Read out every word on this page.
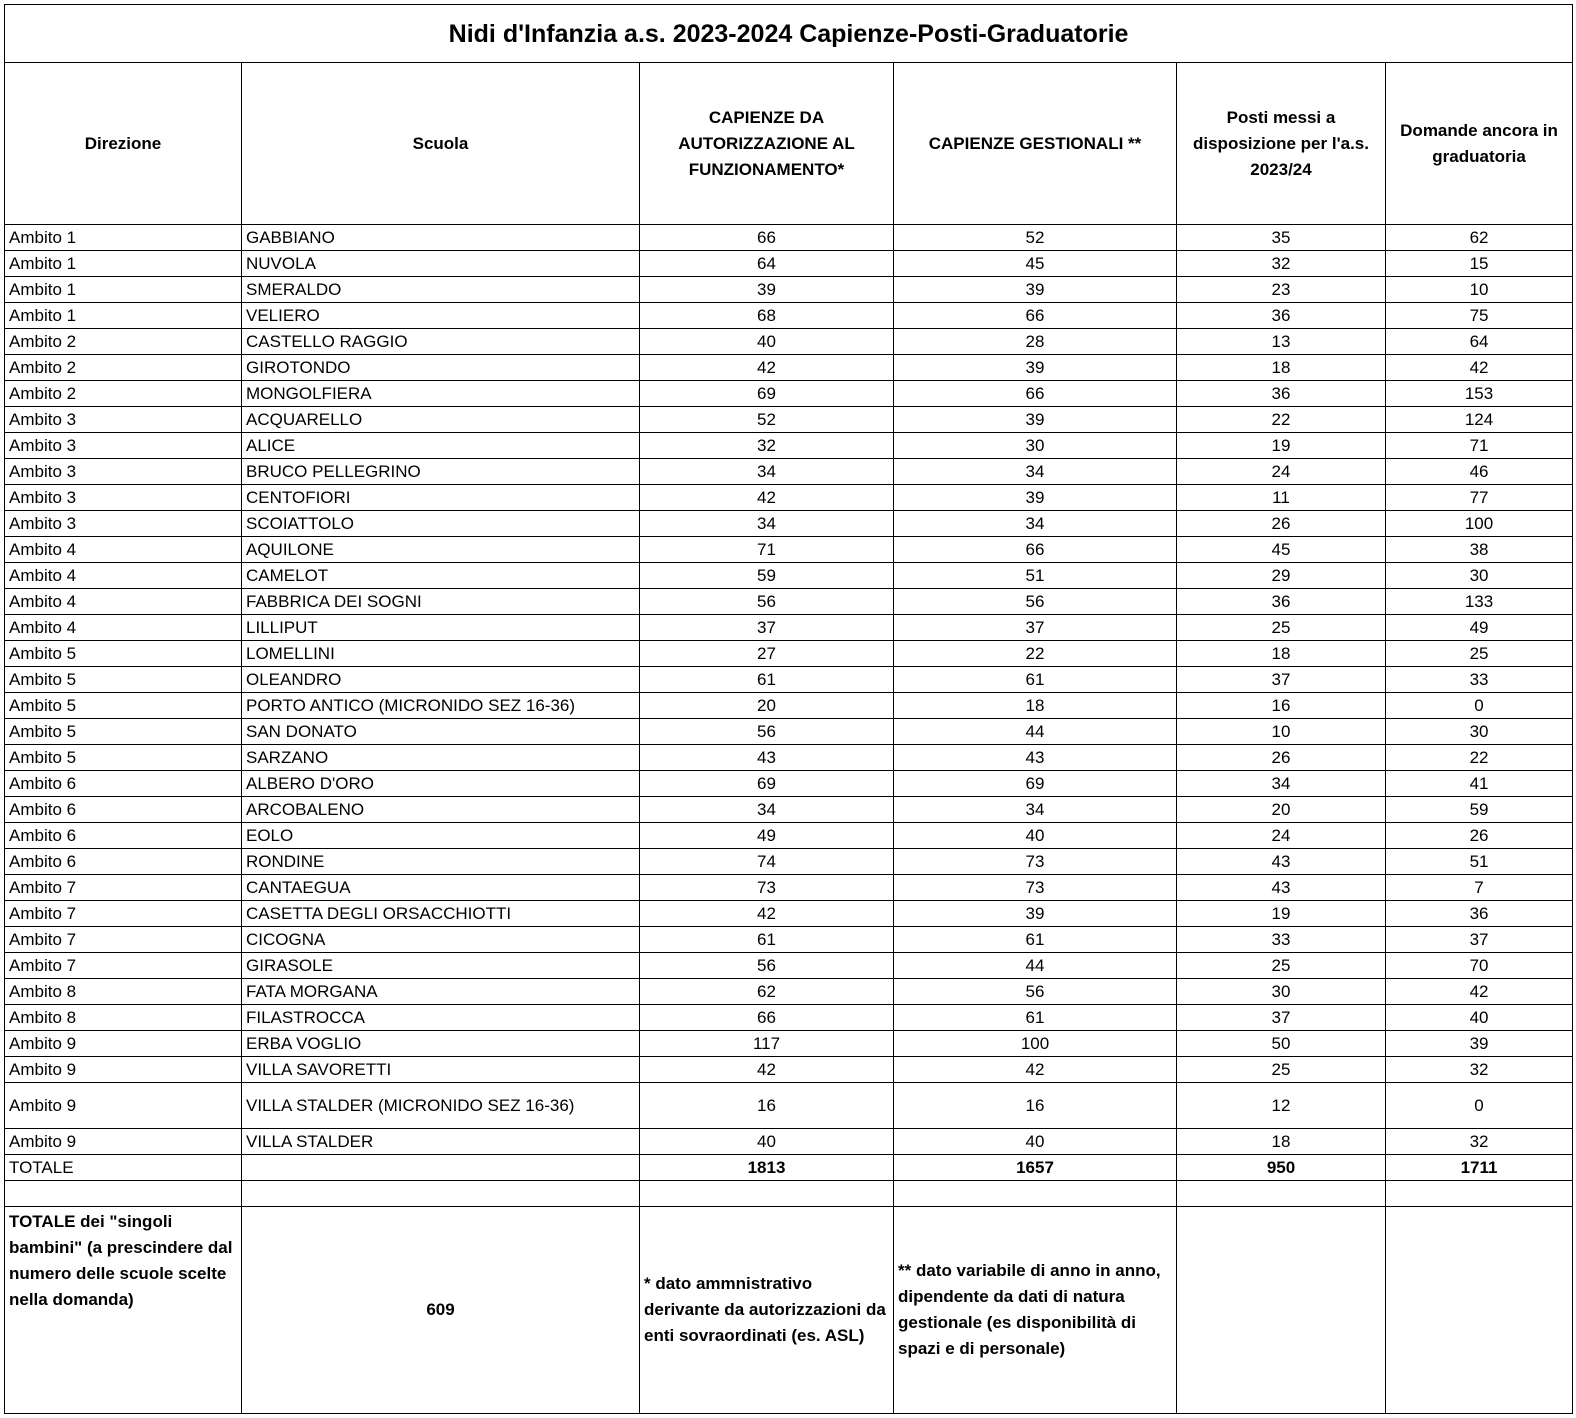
Nidi d'Infanzia a.s. 2023-2024 Capienze-Posti-Graduatorie					
Direzione	Scuola	CAPIENZE DA AUTORIZZAZIONE AL FUNZIONAMENTO*	CAPIENZE GESTIONALI **	Posti messi a disposizione per l'a.s. 2023/24	Domande ancora in graduatoria
Ambito 1	GABBIANO	66	52	35	62
Ambito 1	NUVOLA	64	45	32	15
Ambito 1	SMERALDO	39	39	23	10
Ambito 1	VELIERO	68	66	36	75
Ambito 2	CASTELLO RAGGIO	40	28	13	64
Ambito 2	GIROTONDO	42	39	18	42
Ambito 2	MONGOLFIERA	69	66	36	153
Ambito 3	ACQUARELLO	52	39	22	124
Ambito 3	ALICE	32	30	19	71
Ambito 3	BRUCO PELLEGRINO	34	34	24	46
Ambito 3	CENTOFIORI	42	39	11	77
Ambito 3	SCOIATTOLO	34	34	26	100
Ambito 4	AQUILONE	71	66	45	38
Ambito 4	CAMELOT	59	51	29	30
Ambito 4	FABBRICA DEI SOGNI	56	56	36	133
Ambito 4	LILLIPUT	37	37	25	49
Ambito 5	LOMELLINI	27	22	18	25
Ambito 5	OLEANDRO	61	61	37	33
Ambito 5	PORTO ANTICO (MICRONIDO SEZ 16-36)	20	18	16	0
Ambito 5	SAN DONATO	56	44	10	30
Ambito 5	SARZANO	43	43	26	22
Ambito 6	ALBERO D'ORO	69	69	34	41
Ambito 6	ARCOBALENO	34	34	20	59
Ambito 6	EOLO	49	40	24	26
Ambito 6	RONDINE	74	73	43	51
Ambito 7	CANTAEGUA	73	73	43	7
Ambito 7	CASETTA DEGLI ORSACCHIOTTI	42	39	19	36
Ambito 7	CICOGNA	61	61	33	37
Ambito 7	GIRASOLE	56	44	25	70
Ambito 8	FATA MORGANA	62	56	30	42
Ambito 8	FILASTROCCA	66	61	37	40
Ambito 9	ERBA VOGLIO	117	100	50	39
Ambito 9	VILLA SAVORETTI	42	42	25	32
Ambito 9	VILLA STALDER (MICRONIDO SEZ 16-36)	16	16	12	0
Ambito 9	VILLA STALDER	40	40	18	32
TOTALE		1813	1657	950	1711

TOTALE dei "singoli bambini" (a prescindere dal numero delle scuole scelte nella domanda)	609	* dato ammnistrativo derivante da autorizzazioni da enti sovraordinati (es. ASL)	** dato variabile di anno in anno, dipendente da dati di natura gestionale (es disponibilità di spazi e di personale)		
